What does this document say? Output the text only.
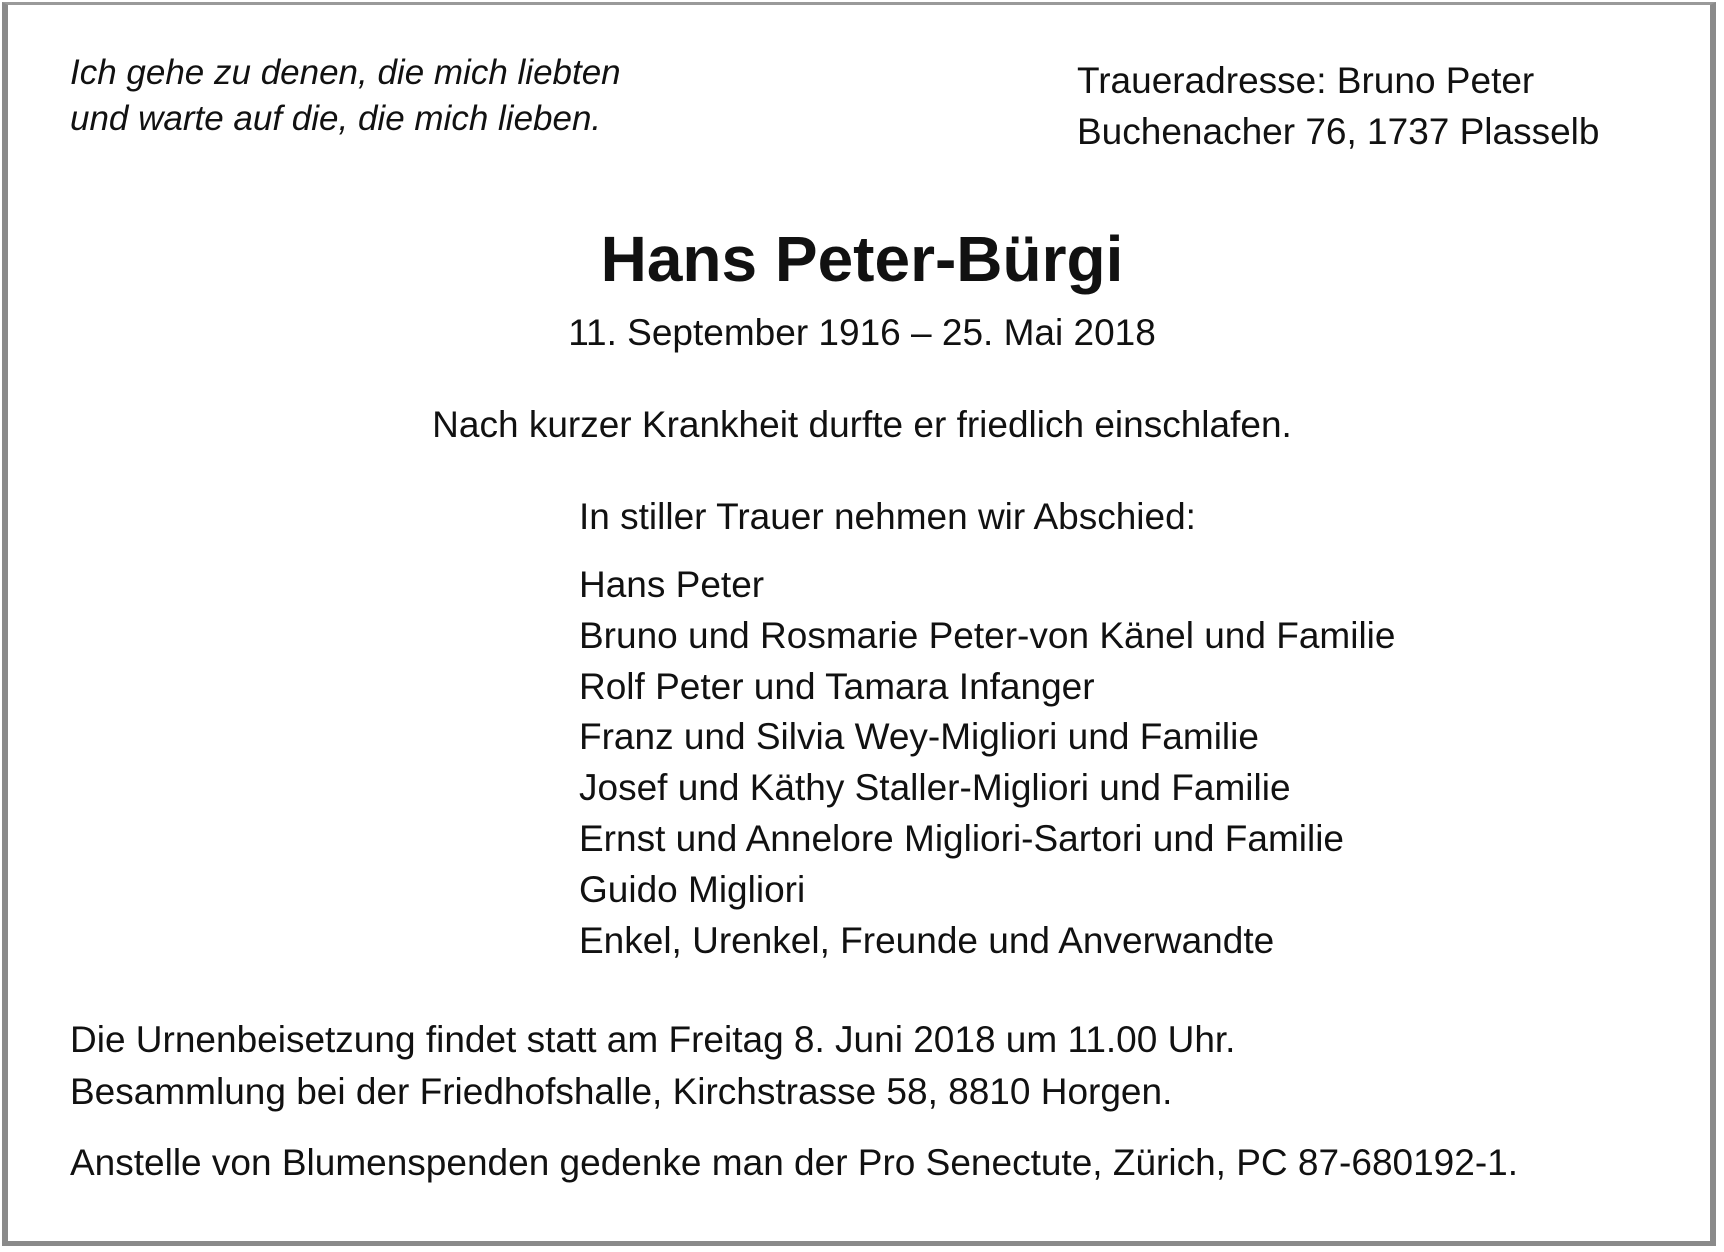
Ich gehe zu denen, die mich liebten
und warte auf die, die mich lieben.
Traueradresse: Bruno Peter
Buchenacher 76, 1737 Plasselb
Hans Peter-Bürgi
11. September 1916 – 25. Mai 2018
Nach kurzer Krankheit durfte er friedlich einschlafen.
In stiller Trauer nehmen wir Abschied:
Hans Peter
Bruno und Rosmarie Peter-von Känel und Familie
Rolf Peter und Tamara Infanger
Franz und Silvia Wey-Migliori und Familie
Josef und Käthy Staller-Migliori und Familie
Ernst und Annelore Migliori-Sartori und Familie
Guido Migliori
Enkel, Urenkel, Freunde und Anverwandte
Die Urnenbeisetzung findet statt am Freitag 8. Juni 2018 um 11.00 Uhr.
Besammlung bei der Friedhofshalle, Kirchstrasse 58, 8810 Horgen.
Anstelle von Blumenspenden gedenke man der Pro Senectute, Zürich, PC 87-680192-1.
